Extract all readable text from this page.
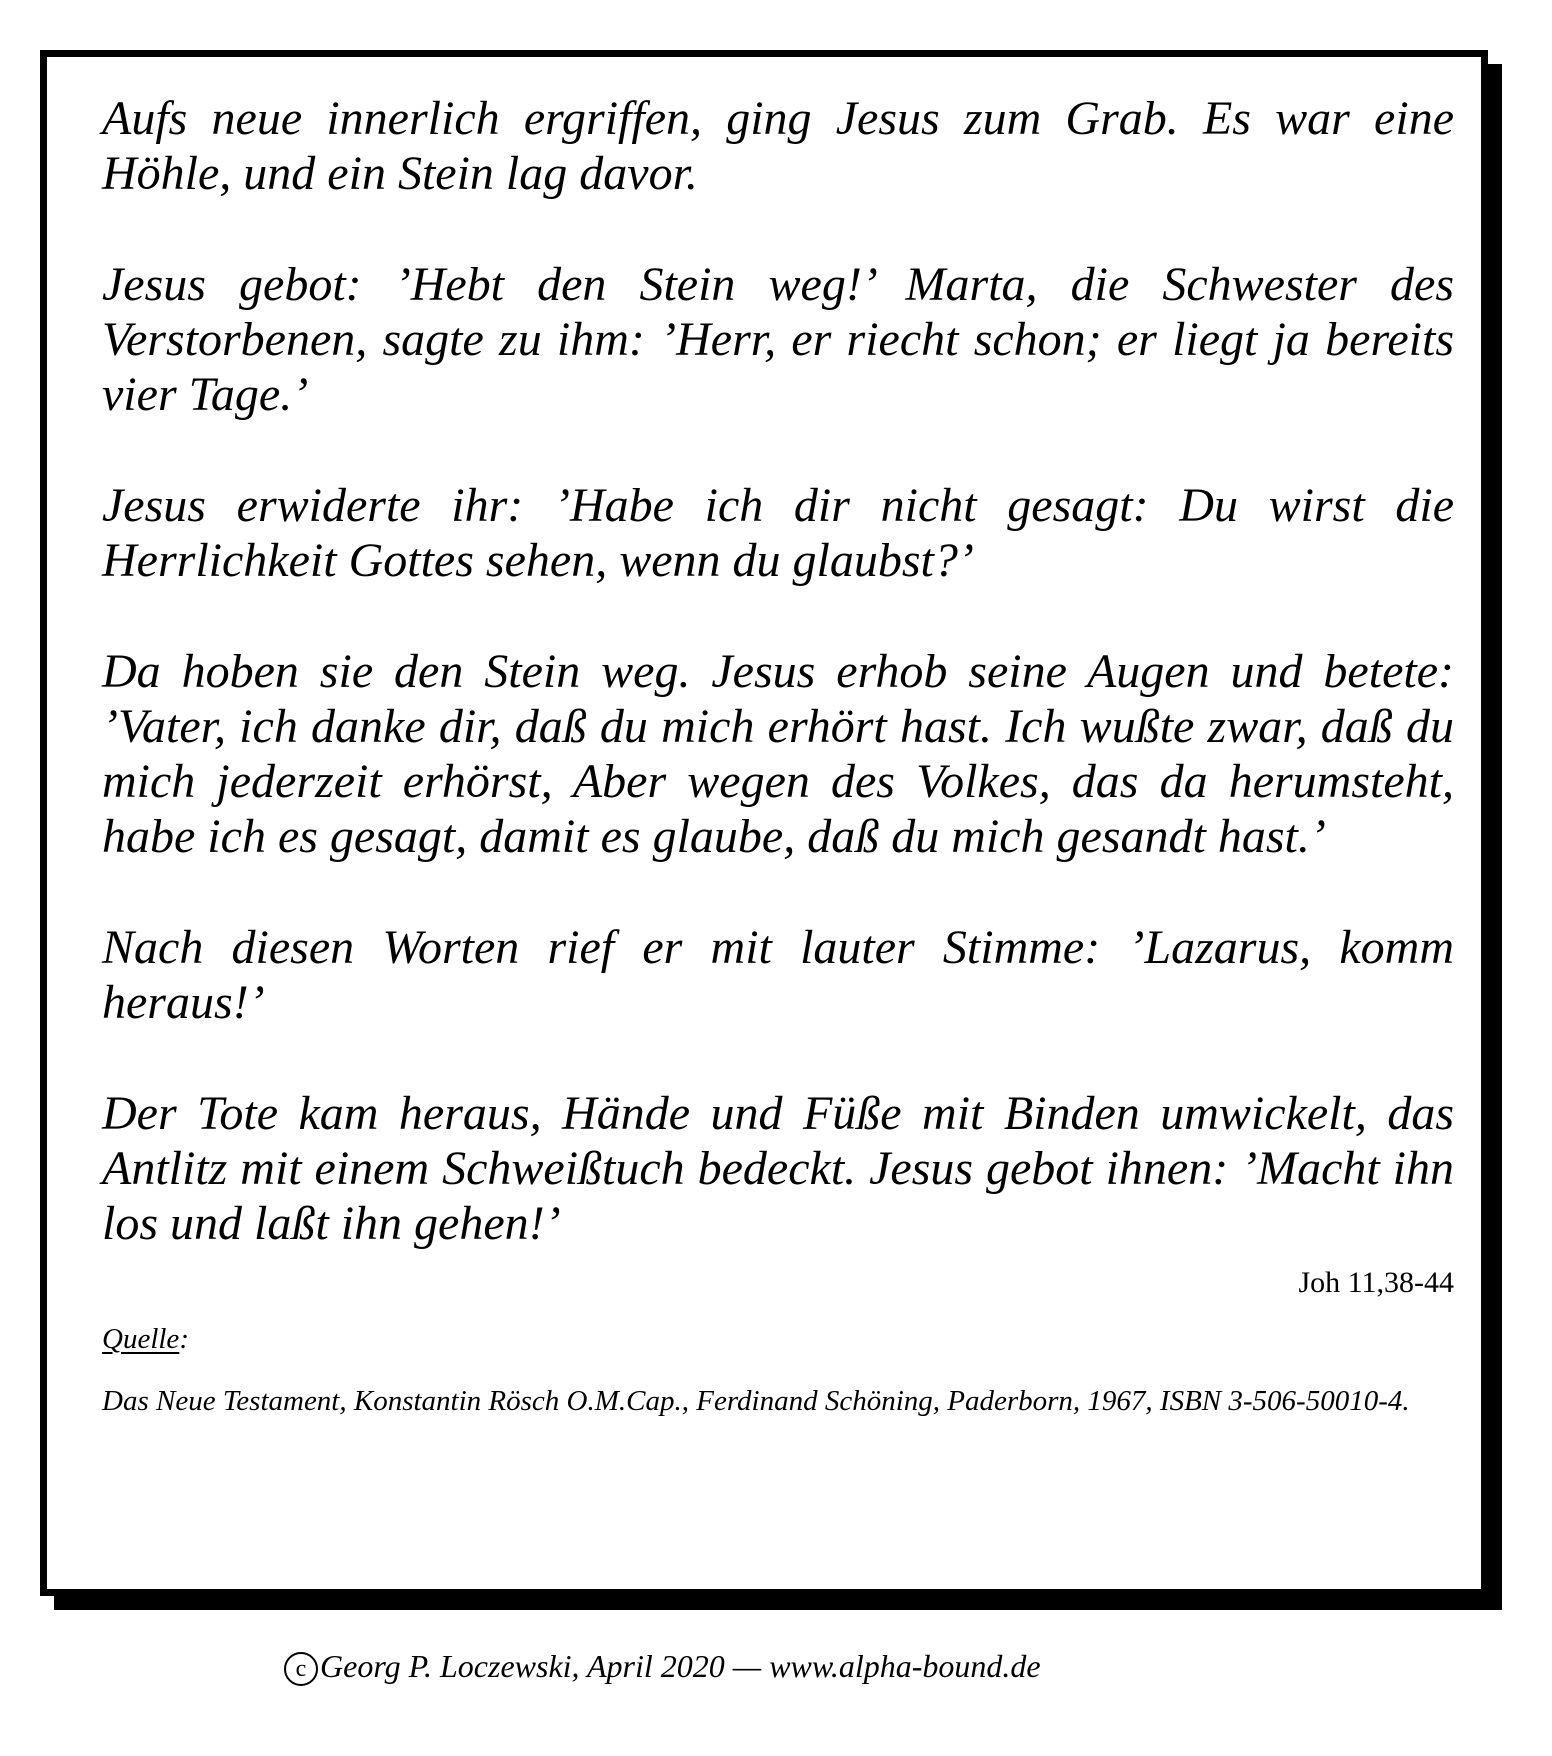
Aufs neue innerlich ergriffen, ging Jesus zum Grab. Es war eine Höhle, und ein Stein lag davor.

Jesus gebot: ’Hebt den Stein weg!’ Marta, die Schwester des Verstorbenen, sagte zu ihm: ’Herr, er riecht schon; er liegt ja bereits vier Tage.’

Jesus erwiderte ihr: ’Habe ich dir nicht gesagt: Du wirst die Herrlichkeit Gottes sehen, wenn du glaubst?’

Da hoben sie den Stein weg. Jesus erhob seine Augen und betete: ’Vater, ich danke dir, daß du mich erhört hast. Ich wußte zwar, daß du mich jederzeit erhörst, Aber wegen des Volkes, das da herumsteht, habe ich es gesagt, damit es glaube, daß du mich gesandt hast.’

Nach diesen Worten rief er mit lauter Stimme: ’Lazarus, komm heraus!’

Der Tote kam heraus, Hände und Füße mit Binden umwickelt, das Antlitz mit einem Schweißtuch bedeckt. Jesus gebot ihnen: ’Macht ihn los und laßt ihn gehen!’

Joh 11,38-44
Quelle:
Das Neue Testament, Konstantin Rösch O.M.Cap., Ferdinand Schöning, Paderborn, 1967, ISBN 3-506-50010-4.
c Georg P. Loczewski, April 2020 — www.alpha-bound.de
